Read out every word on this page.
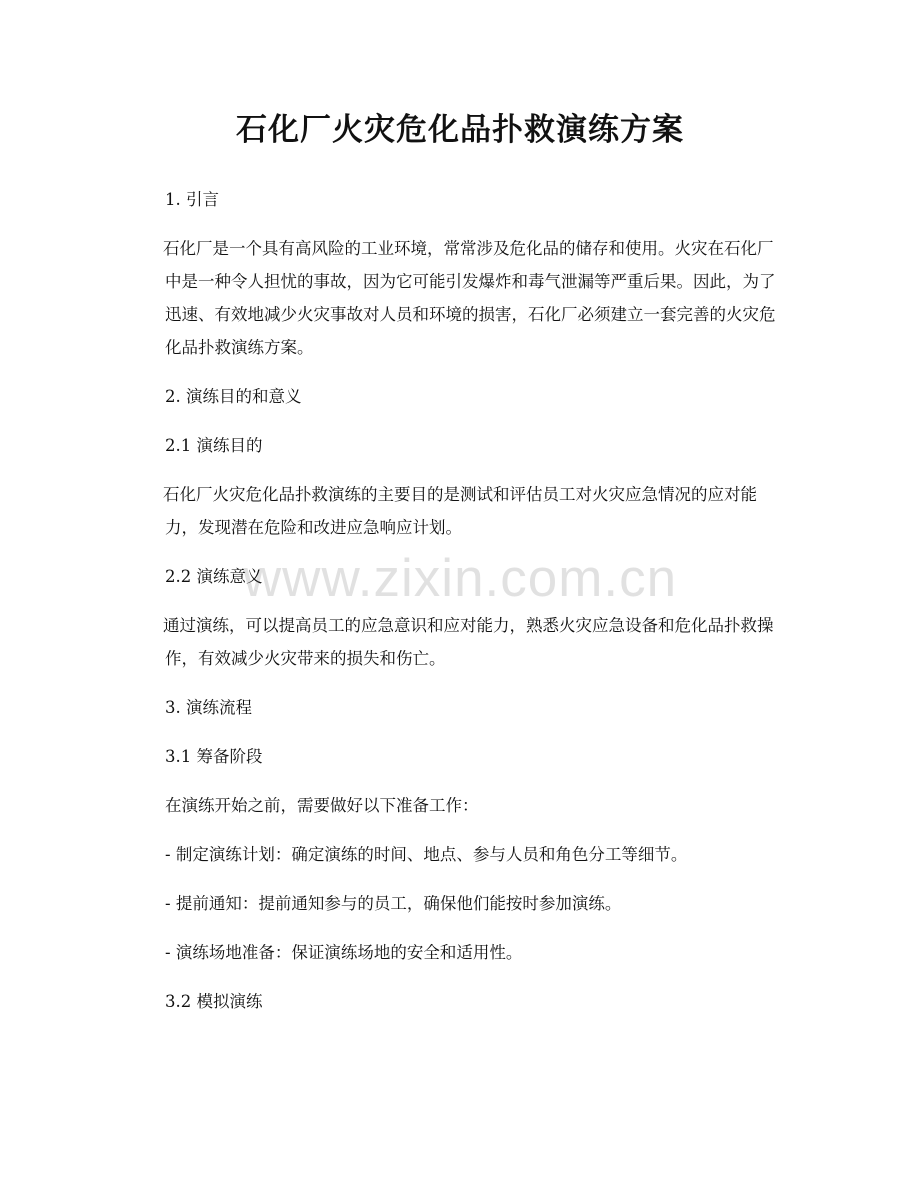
石化厂火灾危化品扑救演练方案

1. 引言

石化厂是一个具有高风险的工业环境，常常涉及危化品的储存和使用。火灾在石化厂中是一种令人担忧的事故，因为它可能引发爆炸和毒气泄漏等严重后果。因此，为了迅速、有效地减少火灾事故对人员和环境的损害，石化厂必须建立一套完善的火灾危化品扑救演练方案。

2. 演练目的和意义

2.1 演练目的

石化厂火灾危化品扑救演练的主要目的是测试和评估员工对火灾应急情况的应对能力，发现潜在危险和改进应急响应计划。

2.2 演练意义

通过演练，可以提高员工的应急意识和应对能力，熟悉火灾应急设备和危化品扑救操作，有效减少火灾带来的损失和伤亡。

3. 演练流程

3.1 筹备阶段

在演练开始之前，需要做好以下准备工作：

- 制定演练计划：确定演练的时间、地点、参与人员和角色分工等细节。

- 提前通知：提前通知参与的员工，确保他们能按时参加演练。

- 演练场地准备：保证演练场地的安全和适用性。

3.2 模拟演练

www.zixin.com.cn
